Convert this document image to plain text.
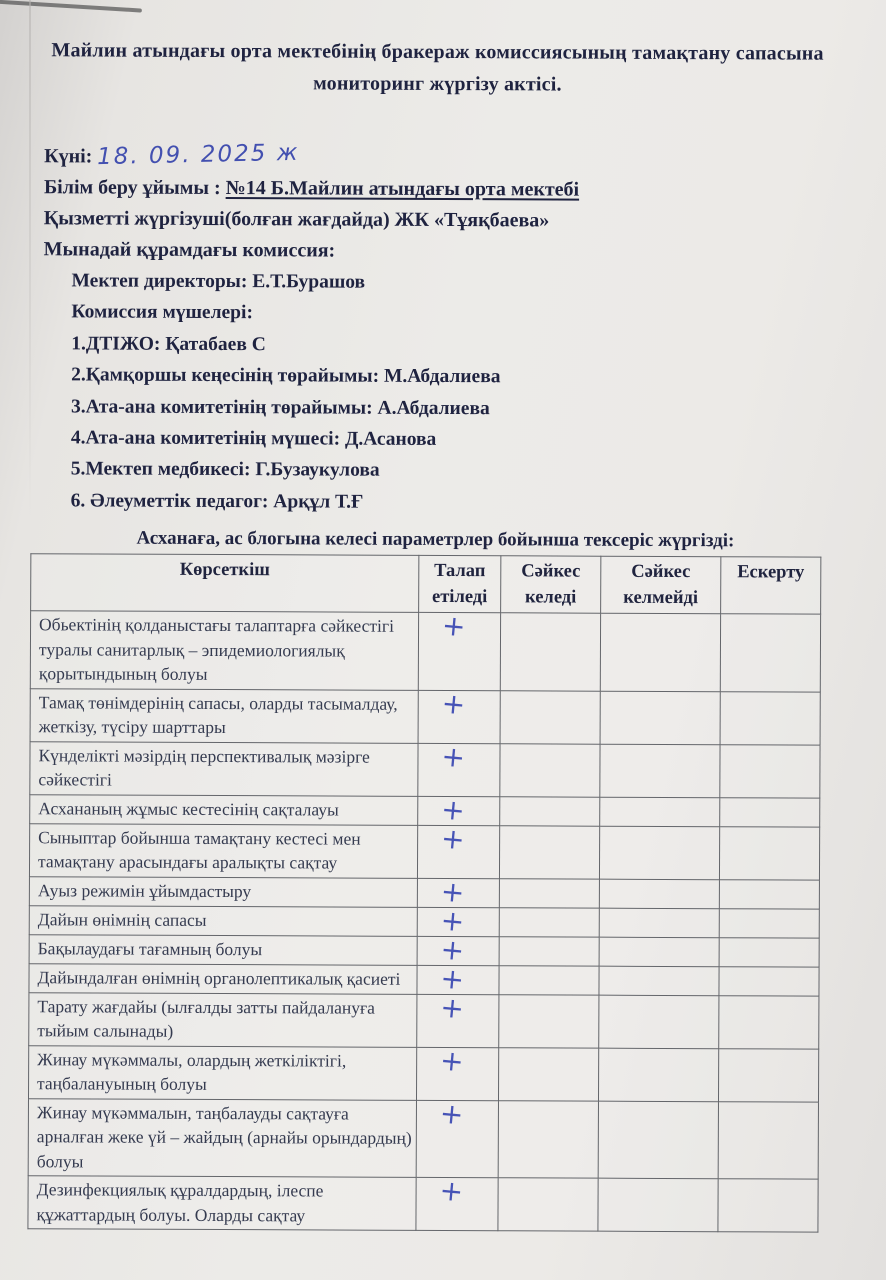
Майлин атындағы орта мектебінің бракераж комиссиясының тамақтану сапасына мониторинг жүргізу актісі.
Күні: 18. 09. 2025 ж
Білім беру ұйымы : №14 Б.Майлин атындағы орта мектебі
Қызметті жүргізуші(болған жағдайда) ЖК «Тұяқбаева»
Мынадай құрамдағы комиссия:
Мектеп директоры: Е.Т.Бурашов
Комиссия мүшелері:
1.ДТІЖО: Қатабаев С
2.Қамқоршы кеңесінің төрайымы: М.Абдалиева
3.Ата-ана комитетінің төрайымы: А.Абдалиева
4.Ата-ана комитетінің мүшесі: Д.Асанова
5.Мектеп медбикесі: Г.Бузаукулова
6. Әлеуметтік педагог: Арқұл Т.Ғ
Асханаға, ас блогына келесі параметрлер бойынша тексеріс жүргізді:
Көрсеткіш	Талап етіледі	Сәйкес келеді	Сәйкес келмейді	Ескерту
Обьектінің қолданыстағы талаптарға сәйкестігі туралы санитарлық – эпидемиологиялық қорытындының болуы	+			
Тамақ төнімдерінің сапасы, оларды тасымалдау, жеткізу, түсіру шарттары	+			
Күнделікті мәзірдің перспективалық мәзірге сәйкестігі	+			
Асхананың жұмыс кестесінің сақталауы	+			
Сыныптар бойынша тамақтану кестесі мен тамақтану арасындағы аралықты сақтау	+			
Ауыз режимін ұйымдастыру	+			
Дайын өнімнің сапасы	+			
Бақылаудағы тағамның болуы	+			
Дайындалған өнімнің органолептикалық қасиеті	+			
Тарату жағдайы (ылғалды затты пайдалануға тыйым салынады)	+			
Жинау мүкәммалы, олардың жеткіліктігі, таңбалануының болуы	+			
Жинау мүкәммалын, таңбалауды сақтауға арналған жеке үй – жайдың (арнайы орындардың) болуы	+			
Дезинфекциялық құралдардың, ілеспе құжаттардың болуы. Оларды сақтау	+			
